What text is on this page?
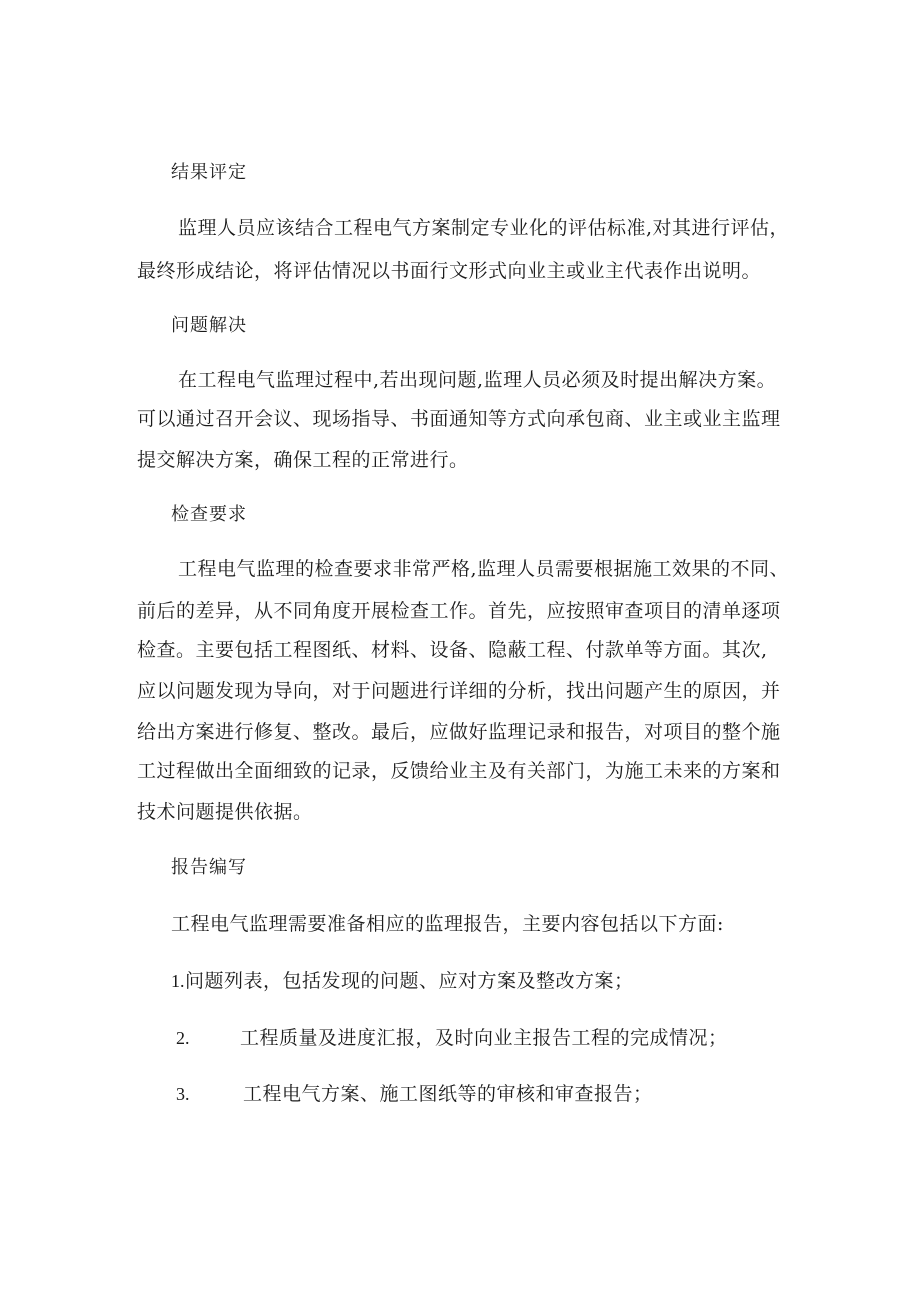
结果评定

监理人员应该结合工程电气方案制定专业化的评估标准,对其进行评估，

最终形成结论，将评估情况以书面行文形式向业主或业主代表作出说明。

问题解决

在工程电气监理过程中,若出现问题,监理人员必须及时提出解决方案。

可以通过召开会议、现场指导、书面通知等方式向承包商、业主或业主监理

提交解决方案，确保工程的正常进行。

检查要求

工程电气监理的检查要求非常严格,监理人员需要根据施工效果的不同、

前后的差异，从不同角度开展检查工作。首先，应按照审查项目的清单逐项

检查。主要包括工程图纸、材料、设备、隐蔽工程、付款单等方面。其次,

应以问题发现为导向，对于问题进行详细的分析，找出问题产生的原因，并

给出方案进行修复、整改。最后，应做好监理记录和报告，对项目的整个施

工过程做出全面细致的记录，反馈给业主及有关部门，为施工未来的方案和

技术问题提供依据。

报告编写

工程电气监理需要准备相应的监理报告，主要内容包括以下方面:

1. 问题列表，包括发现的问题、应对方案及整改方案；
2.	工程质量及进度汇报，及时向业主报告工程的完成情况；
3.	工程电气方案、施工图纸等的审核和审查报告；
